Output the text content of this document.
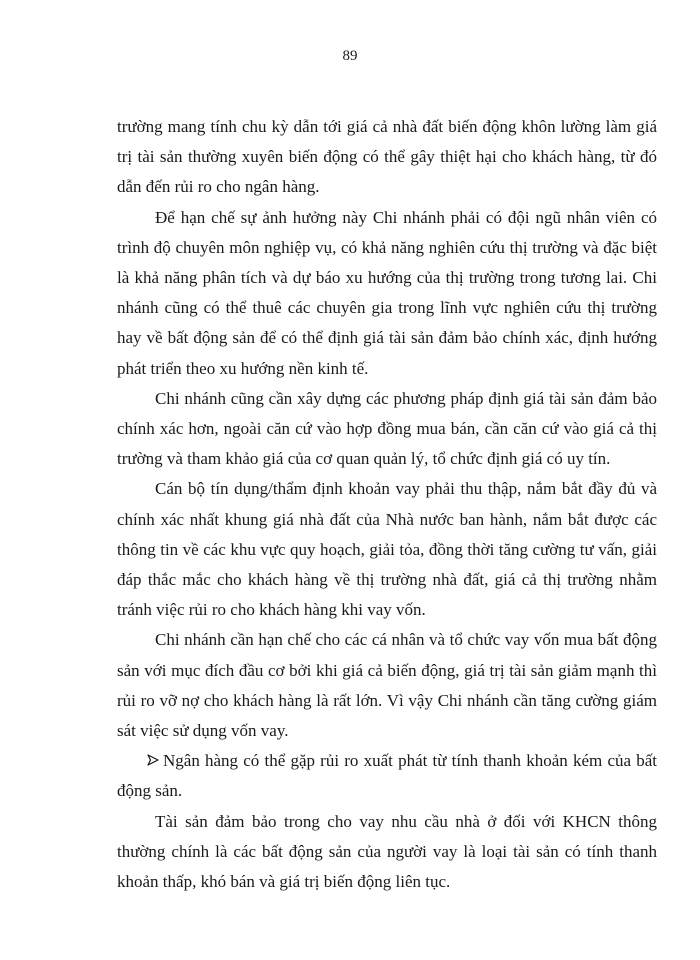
89

trường mang tính chu kỳ dẫn tới giá cả nhà đất biến động khôn lường làm giá trị tài sản thường xuyên biến động có thể gây thiệt hại cho khách hàng, từ đó dẫn đến rủi ro cho ngân hàng.

Để hạn chế sự ảnh hưởng này Chi nhánh phải có đội ngũ nhân viên có trình độ chuyên môn nghiệp vụ, có khả năng nghiên cứu thị trường và đặc biệt là khả năng phân tích và dự báo xu hướng của thị trường trong tương lai. Chi nhánh cũng có thể thuê các chuyên gia trong lĩnh vực nghiên cứu thị trường hay về bất động sản để có thể định giá tài sản đảm bảo chính xác, định hướng phát triển theo xu hướng nền kinh tế.

Chi nhánh cũng cần xây dựng các phương pháp định giá tài sản đảm bảo chính xác hơn, ngoài căn cứ vào hợp đồng mua bán, cần căn cứ vào giá cả thị trường và tham khảo giá của cơ quan quản lý, tổ chức định giá có uy tín.

Cán bộ tín dụng/thẩm định khoản vay phải thu thập, nắm bắt đầy đủ và chính xác nhất khung giá nhà đất của Nhà nước ban hành, nắm bắt được các thông tin về các khu vực quy hoạch, giải tỏa, đồng thời tăng cường tư vấn, giải đáp thắc mắc cho khách hàng về thị trường nhà đất, giá cả thị trường nhằm tránh việc rủi ro cho khách hàng khi vay vốn.

Chi nhánh cần hạn chế cho các cá nhân và tổ chức vay vốn mua bất động sản với mục đích đầu cơ bởi khi giá cả biến động, giá trị tài sản giảm mạnh thì rủi ro vỡ nợ cho khách hàng là rất lớn. Vì vậy Chi nhánh cần tăng cường giám sát việc sử dụng vốn vay.

Ngân hàng có thể gặp rủi ro xuất phát từ tính thanh khoản kém của bất động sản.

Tài sản đảm bảo trong cho vay nhu cầu nhà ở đối với KHCN thông thường chính là các bất động sản của người vay là loại tài sản có tính thanh khoản thấp, khó bán và giá trị biến động liên tục.
